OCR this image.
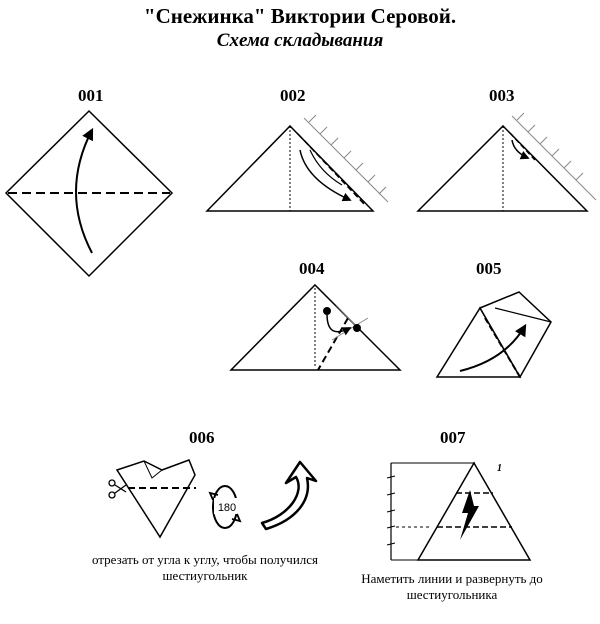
"Снежинка" Виктории Серовой.
Схема складывания
001	002	003
004	005
006	007
180
1
отрезать от угла к углу, чтобы получился шестиугольник	Наметить линии и развернуть до шестиугольника
